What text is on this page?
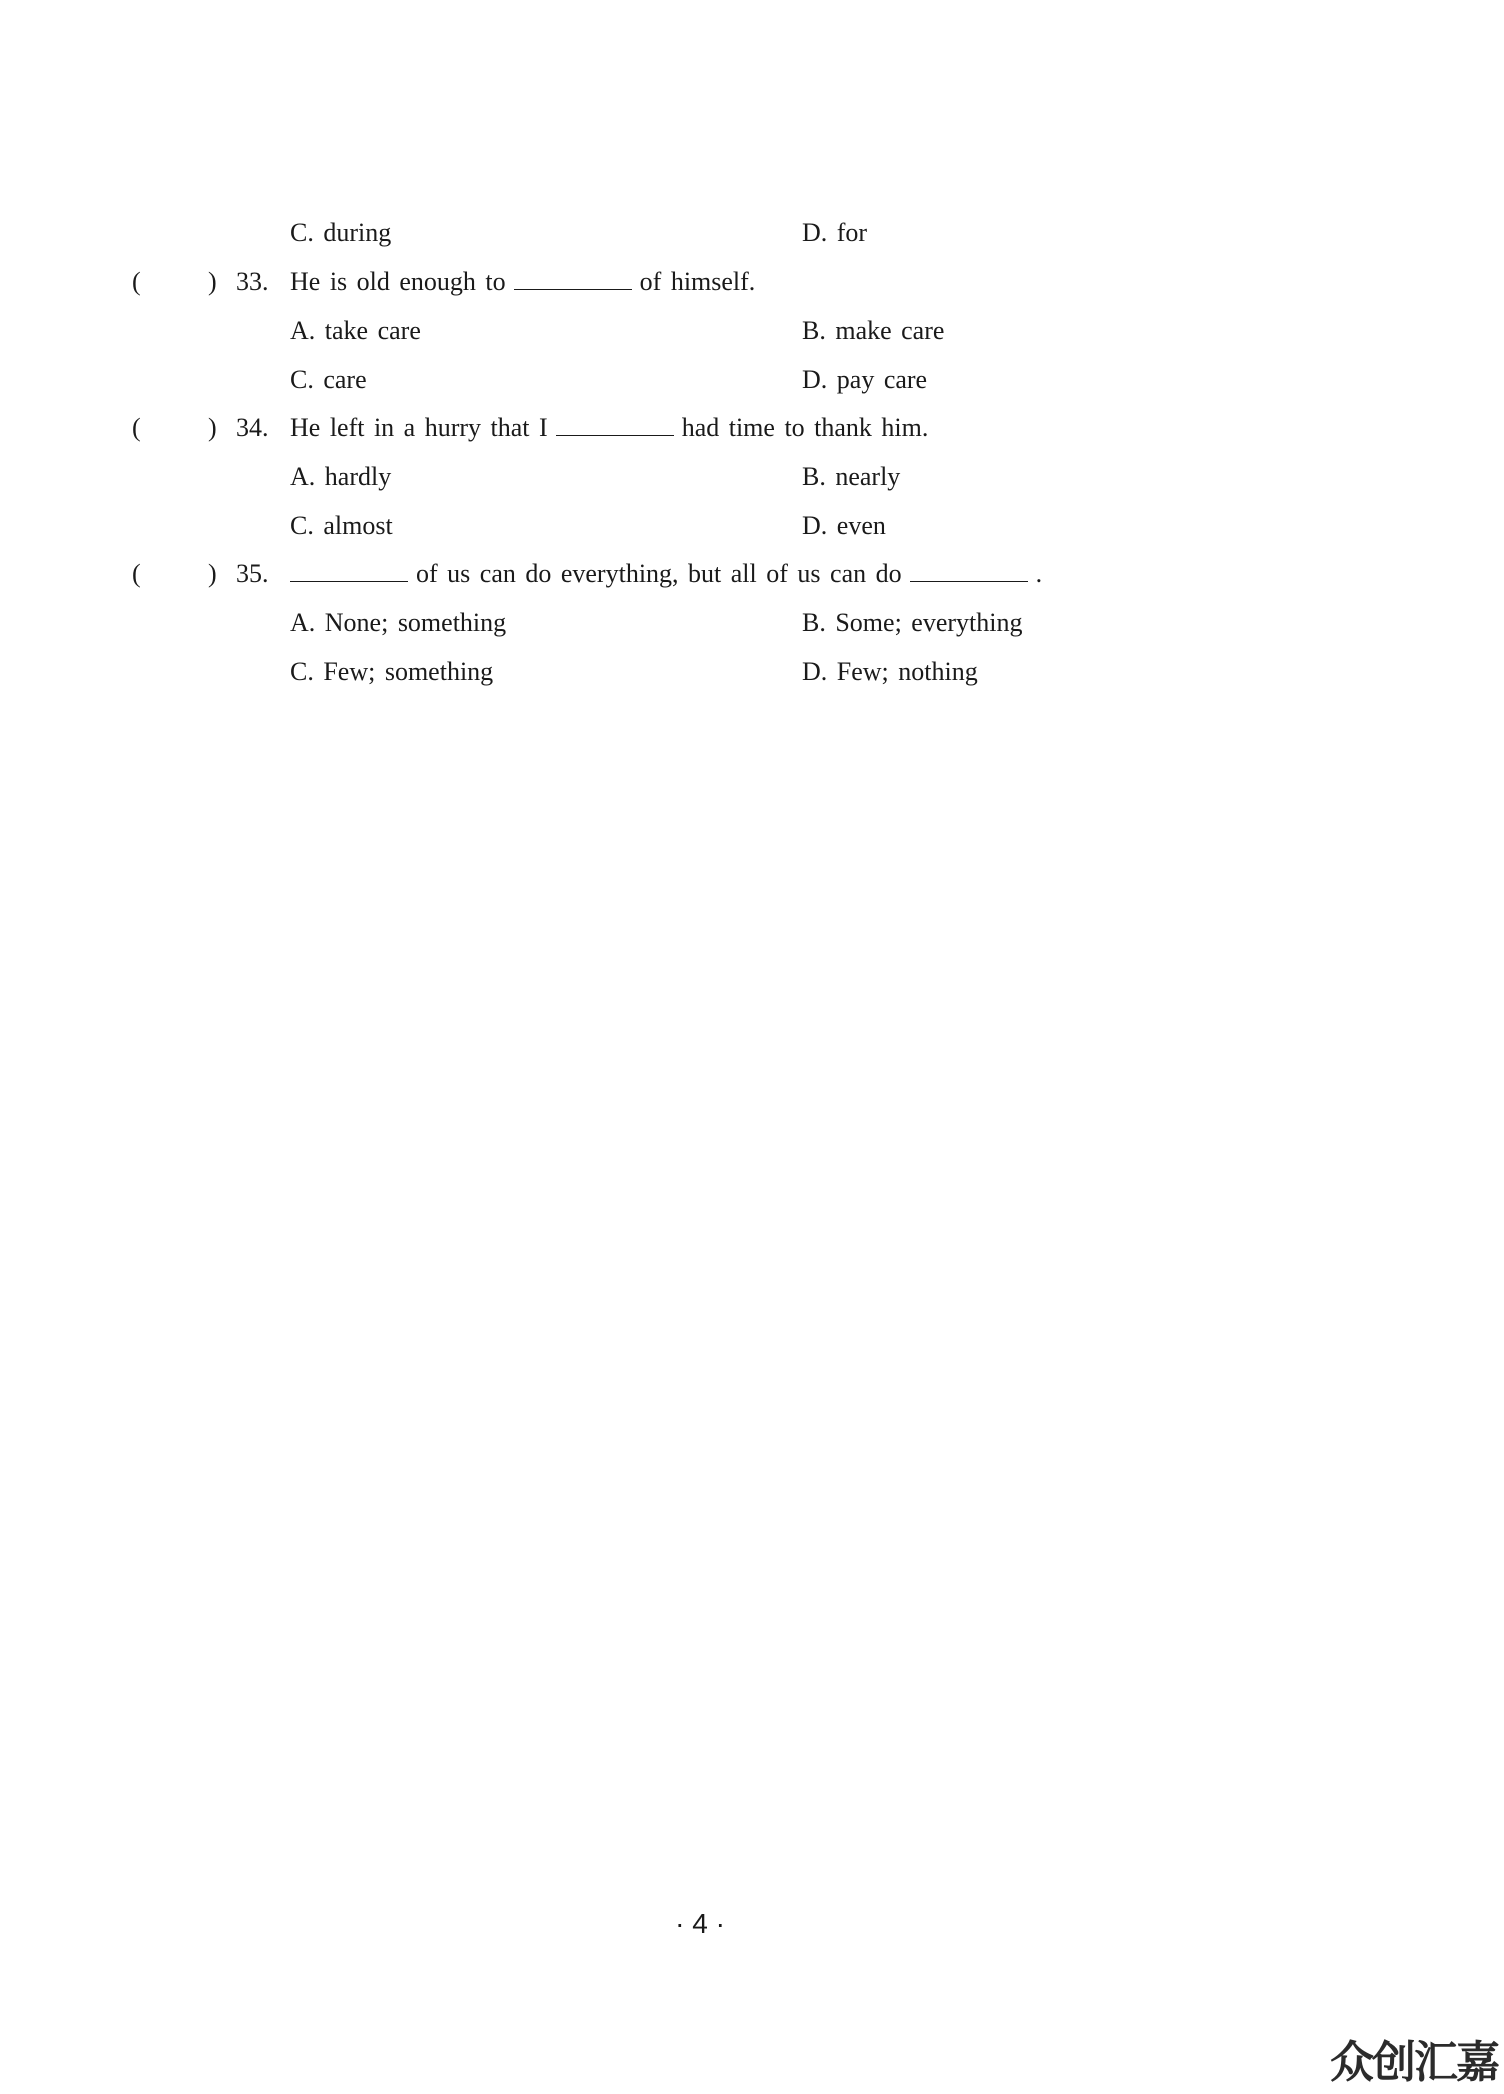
C. during	D. for
(	) 33. He is old enough to	of himself.
A. take care	B. make care
C. care	D. pay care
(	) 34. He left in a hurry that I	had time to thank him.
A. hardly	B. nearly
C. almost	D. even
(	) 35.	of us can do everything, but all of us can do	.
A. None; something	B. Some; everything
C. Few; something	D. Few; nothing
· 4 ·
众创汇嘉
